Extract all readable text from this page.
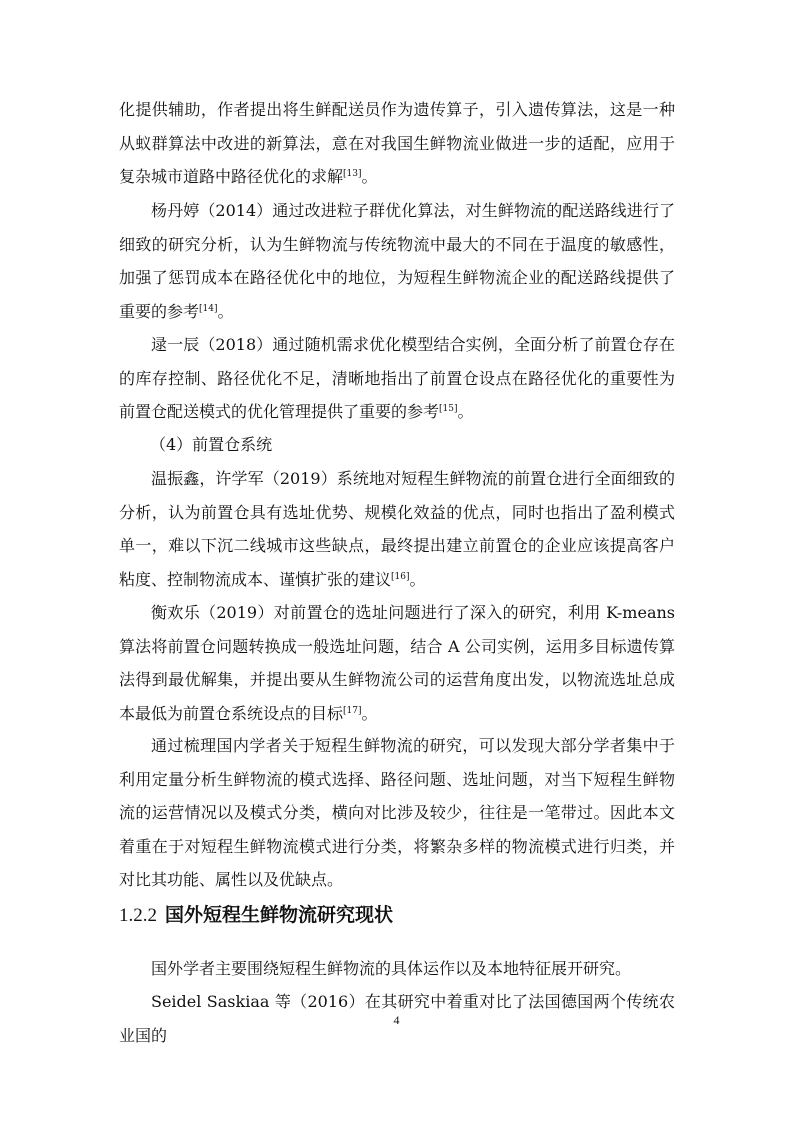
化提供辅助，作者提出将生鲜配送员作为遗传算子，引入遗传算法，这是一种从蚁群算法中改进的新算法，意在对我国生鲜物流业做进一步的适配，应用于复杂城市道路中路径优化的求解[13]。

杨丹婷（2014）通过改进粒子群优化算法，对生鲜物流的配送路线进行了细致的研究分析，认为生鲜物流与传统物流中最大的不同在于温度的敏感性，加强了惩罚成本在路径优化中的地位，为短程生鲜物流企业的配送路线提供了重要的参考[14]。

逯一辰（2018）通过随机需求优化模型结合实例，全面分析了前置仓存在的库存控制、路径优化不足，清晰地指出了前置仓设点在路径优化的重要性为前置仓配送模式的优化管理提供了重要的参考[15]。

（4）前置仓系统

温振鑫，许学军（2019）系统地对短程生鲜物流的前置仓进行全面细致的分析，认为前置仓具有选址优势、规模化效益的优点，同时也指出了盈利模式单一，难以下沉二线城市这些缺点，最终提出建立前置仓的企业应该提高客户粘度、控制物流成本、谨慎扩张的建议[16]。

衡欢乐（2019）对前置仓的选址问题进行了深入的研究，利用 K-means 算法将前置仓问题转换成一般选址问题，结合 A 公司实例，运用多目标遗传算法得到最优解集，并提出要从生鲜物流公司的运营角度出发，以物流选址总成本最低为前置仓系统设点的目标[17]。

通过梳理国内学者关于短程生鲜物流的研究，可以发现大部分学者集中于利用定量分析生鲜物流的模式选择、路径问题、选址问题，对当下短程生鲜物流的运营情况以及模式分类，横向对比涉及较少，往往是一笔带过。因此本文着重在于对短程生鲜物流模式进行分类，将繁杂多样的物流模式进行归类，并对比其功能、属性以及优缺点。

1.2.2 国外短程生鲜物流研究现状

国外学者主要围绕短程生鲜物流的具体运作以及本地特征展开研究。

Seidel Saskiaa 等（2016）在其研究中着重对比了法国德国两个传统农业国的

4
